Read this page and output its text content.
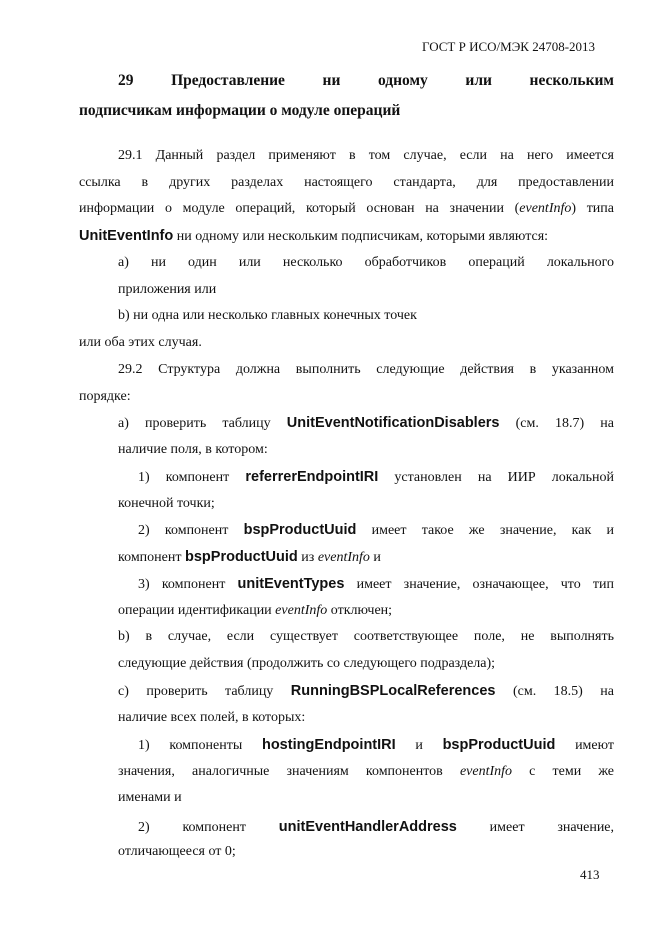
ГОСТ Р ИСО/МЭК 24708-2013
29 Предоставление ни одному или нескольким
подписчикам информации о модуле операций
29.1 Данный раздел применяют в том случае, если на него имеется
ссылка в других разделах настоящего стандарта, для предоставлении
информации о модуле операций, который основан на значении (eventInfo) типа
UnitEventInfo ни одному или нескольким подписчикам, которыми являются:
а) ни один или несколько обработчиков операций локального
приложения или
b) ни одна или несколько главных конечных точек
или оба этих случая.
29.2 Структура должна выполнить следующие действия в указанном
порядке:
а) проверить таблицу UnitEventNotificationDisablers (см. 18.7) на
наличие поля, в котором:
1) компонент referrerEndpointIRI установлен на ИИР локальной
конечной точки;
2) компонент bspProductUuid имеет такое же значение, как и
компонент bspProductUuid из eventInfo и
3) компонент unitEventTypes имеет значение, означающее, что тип
операции идентификации eventInfo отключен;
b) в случае, если существует соответствующее поле, не выполнять
следующие действия (продолжить со следующего подраздела);
с) проверить таблицу RunningBSPLocalReferences (см. 18.5) на
наличие всех полей, в которых:
1) компоненты hostingEndpointIRI и bspProductUuid имеют
значения, аналогичные значениям компонентов eventInfo с теми же
именами и
2) компонент unitEventHandlerAddress имеет значение,
отличающееся от 0;
413
